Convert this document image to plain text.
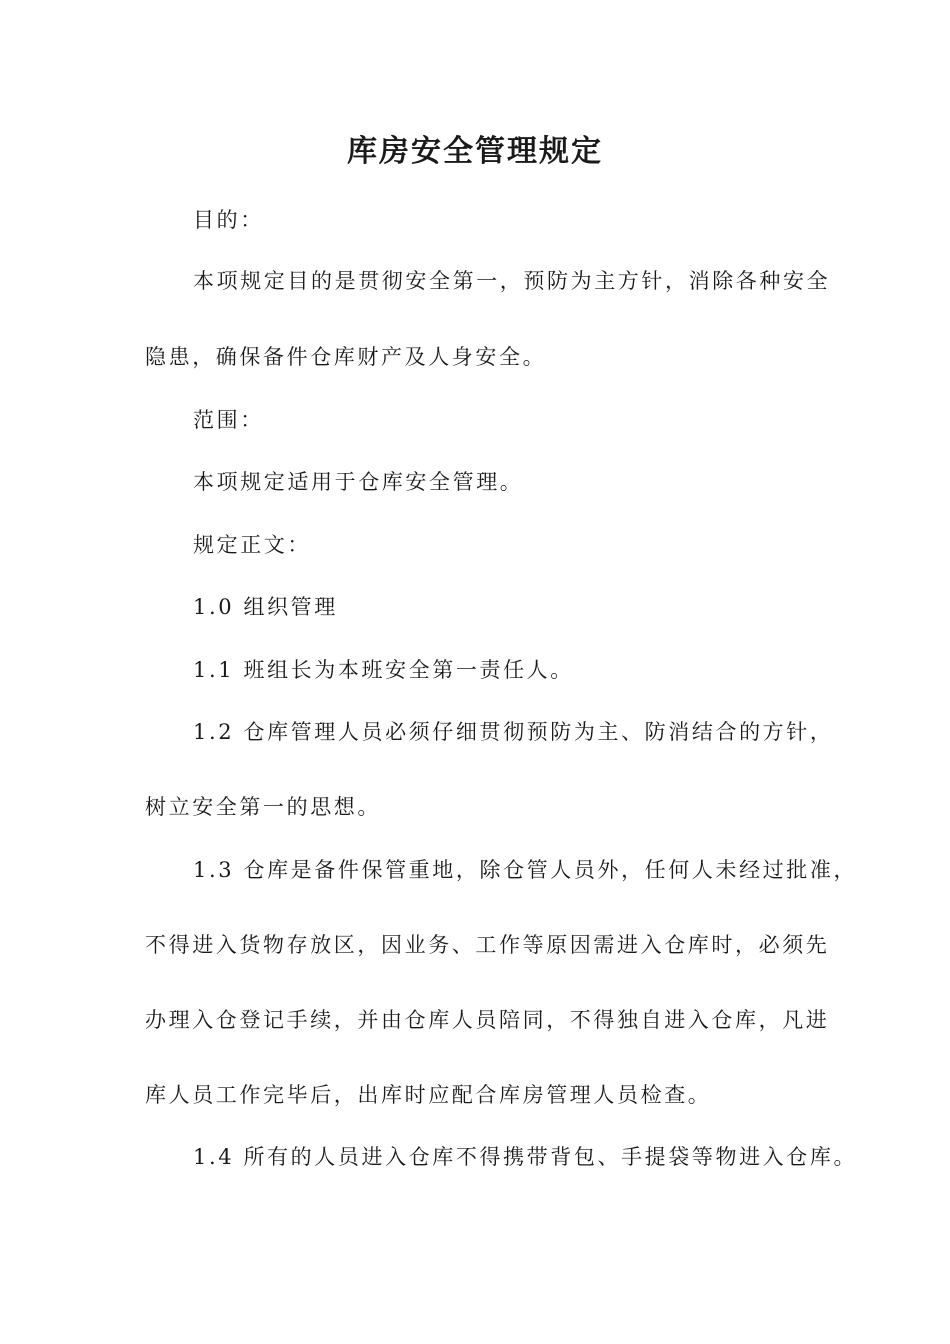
库房安全管理规定

目的：

本项规定目的是贯彻安全第一，预防为主方针，消除各种安全

隐患，确保备件仓库财产及人身安全。

范围：

本项规定适用于仓库安全管理。

规定正文：

1.0 组织管理

1.1 班组长为本班安全第一责任人。

1.2 仓库管理人员必须仔细贯彻预防为主、防消结合的方针，

树立安全第一的思想。

1.3 仓库是备件保管重地，除仓管人员外，任何人未经过批准，

不得进入货物存放区，因业务、工作等原因需进入仓库时，必须先

办理入仓登记手续，并由仓库人员陪同，不得独自进入仓库，凡进

库人员工作完毕后，出库时应配合库房管理人员检查。

1.4 所有的人员进入仓库不得携带背包、手提袋等物进入仓库。
